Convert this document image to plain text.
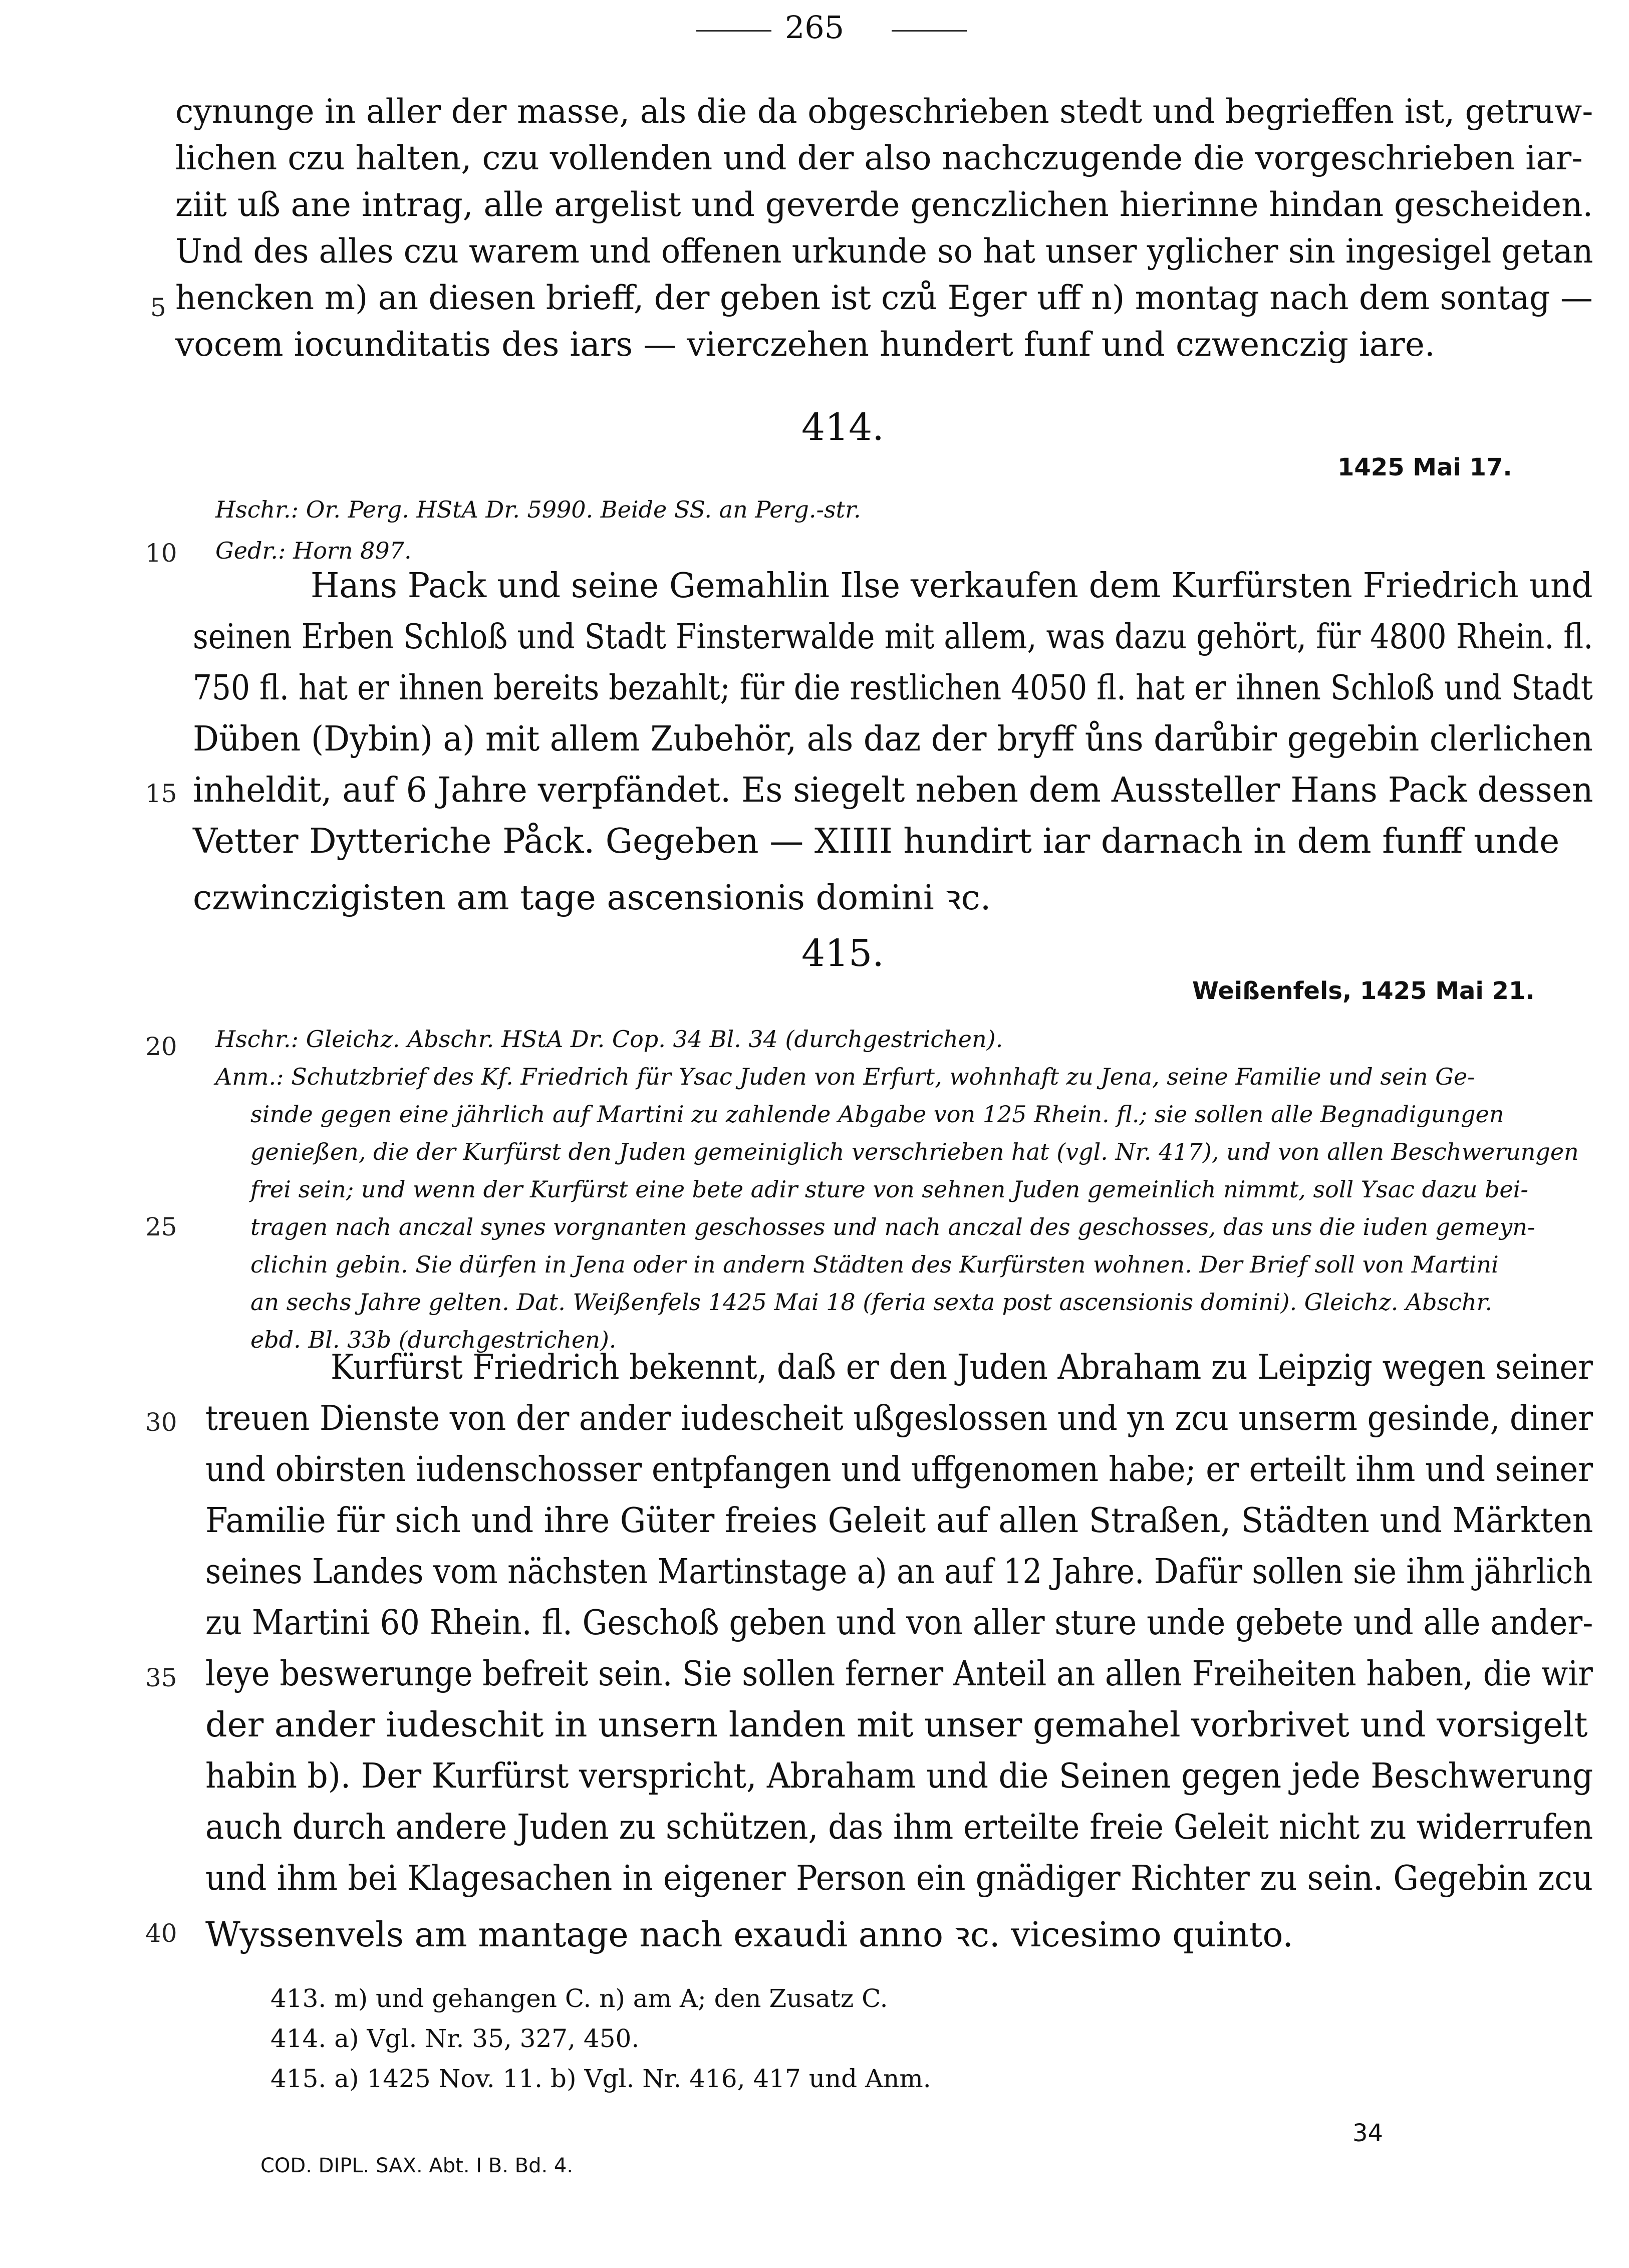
265
cynunge in aller der masse, als die da obgeschrieben stedt und begrieffen ist, getruw-
lichen czu halten, czu vollenden und der also nachczugende die vorgeschrieben iar-
ziit uß ane intrag, alle argelist und geverde genczlichen hierinne hindan gescheiden.
Und des alles czu warem und offenen urkunde so hat unser yglicher sin ingesigel getan
5 hencken m) an diesen brieff, der geben ist czů Eger uff n) montag nach dem sontag —
vocem iocunditatis des iars — vierczehen hundert funf und czwenczig iare.
414.
1425 Mai 17.
Hschr.: Or. Perg. HStA Dr. 5990. Beide SS. an Perg.-str.
10 Gedr.: Horn 897.
Hans Pack und seine Gemahlin Ilse verkaufen dem Kurfürsten Friedrich und
seinen Erben Schloß und Stadt Finsterwalde mit allem, was dazu gehört, für 4800 Rhein. fl.
750 fl. hat er ihnen bereits bezahlt; für die restlichen 4050 fl. hat er ihnen Schloß und Stadt
Düben (Dybin) a) mit allem Zubehör, als daz der bryff ůns darůbir gegebin clerlichen
15 inheldit, auf 6 Jahre verpfändet. Es siegelt neben dem Aussteller Hans Pack dessen
Vetter Dytteriche Påck. Gegeben — XIIII hundirt iar darnach in dem funff unde
czwinczigisten am tage ascensionis domini ꝛc.
415.
Weißenfels, 1425 Mai 21.
20 Hschr.: Gleichz. Abschr. HStA Dr. Cop. 34 Bl. 34 (durchgestrichen).
Anm.: Schutzbrief des Kf. Friedrich für Ysac Juden von Erfurt, wohnhaft zu Jena, seine Familie und sein Ge-
sinde gegen eine jährlich auf Martini zu zahlende Abgabe von 125 Rhein. fl.; sie sollen alle Begnadigungen
genießen, die der Kurfürst den Juden gemeiniglich verschrieben hat (vgl. Nr. 417), und von allen Beschwerungen
frei sein; und wenn der Kurfürst eine bete adir sture von sehnen Juden gemeinlich nimmt, soll Ysac dazu bei-
25	tragen nach anczal synes vorgnanten geschosses und nach anczal des geschosses, das uns die iuden gemeyn-
clichin gebin. Sie dürfen in Jena oder in andern Städten des Kurfürsten wohnen. Der Brief soll von Martini
an sechs Jahre gelten. Dat. Weißenfels 1425 Mai 18 (feria sexta post ascensionis domini). Gleichz. Abschr.
ebd. Bl. 33b (durchgestrichen).
Kurfürst Friedrich bekennt, daß er den Juden Abraham zu Leipzig wegen seiner
30 treuen Dienste von der ander iudescheit ußgeslossen und yn zcu unserm gesinde, diner
und obirsten iudenschosser entpfangen und uffgenomen habe; er erteilt ihm und seiner
Familie für sich und ihre Güter freies Geleit auf allen Straßen, Städten und Märkten
seines Landes vom nächsten Martinstage a) an auf 12 Jahre. Dafür sollen sie ihm jährlich
zu Martini 60 Rhein. fl. Geschoß geben und von aller sture unde gebete und alle ander-
35 leye beswerunge befreit sein. Sie sollen ferner Anteil an allen Freiheiten haben, die wir
der ander iudeschit in unsern landen mit unser gemahel vorbrivet und vorsigelt
habin b). Der Kurfürst verspricht, Abraham und die Seinen gegen jede Beschwerung
auch durch andere Juden zu schützen, das ihm erteilte freie Geleit nicht zu widerrufen
und ihm bei Klagesachen in eigener Person ein gnädiger Richter zu sein. Gegebin zcu
40 Wyssenvels am mantage nach exaudi anno ꝛc. vicesimo quinto.
413. m) und gehangen C. n) am A; den Zusatz C.
414. a) Vgl. Nr. 35, 327, 450.
415. a) 1425 Nov. 11. b) Vgl. Nr. 416, 417 und Anm.
34
COD. DIPL. SAX. Abt. I B. Bd. 4.
